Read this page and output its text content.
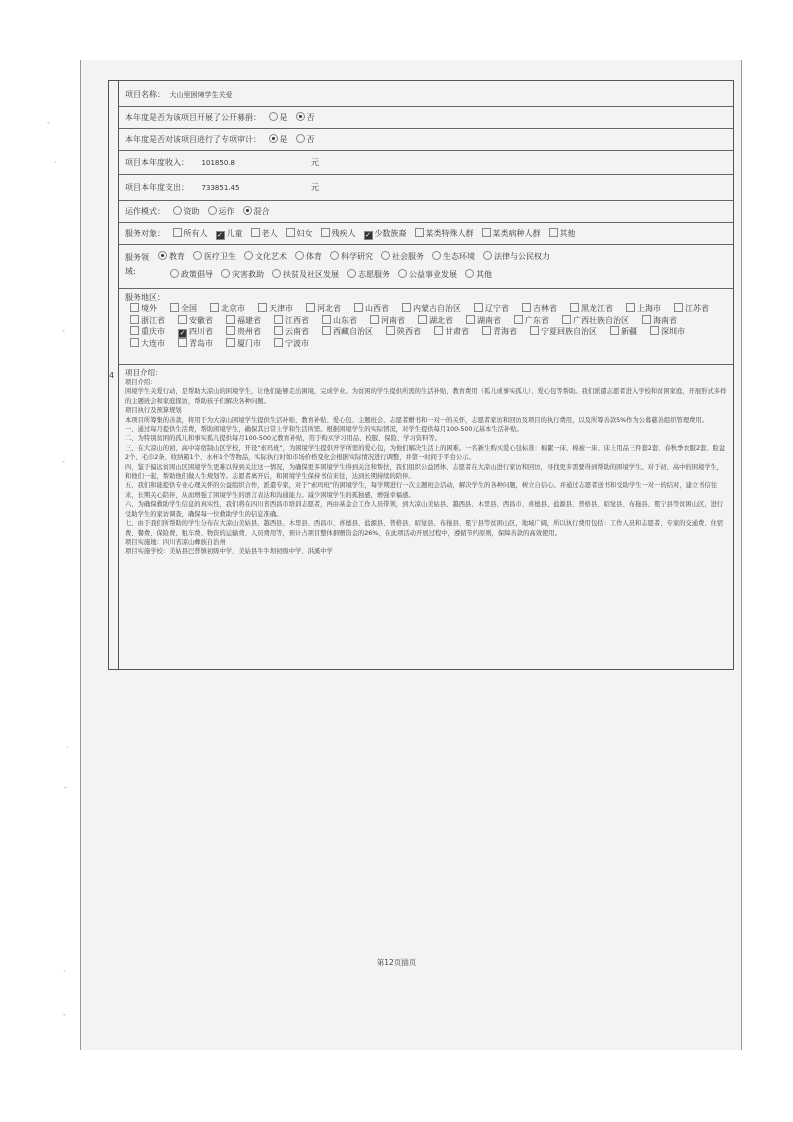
-
·
-
-
·
-
·
-
4
项目名称： 大山里困境学生关爱
本年度是否为该项目开展了公开募捐： 是 否
本年度是否对该项目进行了专项审计： 是 否
项目本年度收入： 101850.8	元
项目本年度支出： 733851.45	元
运作模式： 资助 运作 混合
服务对象： 所有人 ✓ 儿童 老人 妇女 残疾人 ✓ 少数族裔 某类特殊人群 某类病种人群 其他
服务领
域:
教育 医疗卫生 文化艺术 体育 科学研究 社会服务 生态环境 法律与公民权力
政策倡导 灾害救助 扶贫及社区发展 志愿服务 公益事业发展 其他
服务地区：
境外	全国	北京市	天津市	河北省	山西省	内蒙古自治区	辽宁省	吉林省	黑龙江省	上海市	江苏省
浙江省	安徽省	福建省	江西省	山东省	河南省	湖北省	湖南省	广东省	广西壮族自治区	海南省
重庆市	✓ 四川省	贵州省	云南省	西藏自治区	陕西省	甘肃省	青海省	宁夏回族自治区	新疆	深圳市
大连市	青岛市	厦门市	宁波市
项目介绍：

项目介绍：

困境学生关爱行动，是帮助大凉山的困境学生，让他们能够走出困境，完成学业。为贫困的学生提供所需的生活补贴、教育费用（孤儿或事实孤儿）、爱心包等帮助。我们派遣志愿者进入学校和贫困家庭，开展形式多样的主题班会和家庭探访，帮助孩子们解决各种问题。

项目执行及预算规划

本项目所筹集的善款，将用于为大凉山困境学生提供生活补贴、教育补贴、爱心包、主题班会、志愿者赠书和一对一的关怀，志愿者家访和回访及项目的执行费用，以及所筹善款5%作为公募慈善组织管理费用。

一、通过每月提供生活费，帮助困境学生，确保其日常上学和生活所需。根据困境学生的实际情况，对学生提供每月100-500元基本生活补贴。

二、为特别贫困的孤儿和事实孤儿提供每月100-500元教育补贴，用于购买学习用品、校服、保险、学习资料等。

三、在大凉山的初、高中寄宿制山区学校，开设“索玛班”，为困境学生提供开学所需的爱心包，为他们解决生活上的困难。一名新生购买爱心包标准：棉絮一床、棉被一床、床上用品三件套2套、春秋季衣服2套、脸盆2个、毛巾2条、收纳箱1个、水杯1个等物品，实际执行时如市场价格变化会根据实际情况进行调整，并第一时间于平台公示。

四、鉴于偏远贫困山区困境学生更难以得到关注这一情况，为确保更多困境学生得到关注和帮扶，我们组织公益团体、志愿者在大凉山进行家访和回访，寻找更多需要得到帮助的困境学生。对于初、高中的困境学生，和他们一起，帮助他们做人生规划等。志愿者离开后，和困境学生保持书信来往，达到长期持续的陪伴。

五、我们和能提供专业心理关怀的公益组织合作，派遣专家，对于“索玛班”的困境学生，每学期进行一次主题班会活动，解决学生的各种问题，树立自信心。并通过志愿者送书和受助学生一对一的结对，建立书信往来，长期关心陪伴，从而增强了困境学生的语言表达和沟通能力。减少困境学生的孤独感，增强幸福感。

六、为确保救助学生信息的真实性，我们将在四川省西昌市培训志愿者，再由基金会工作人员带领，到大凉山美姑县、越西县、木里县、西昌市、喜德县、盐源县、普格县、昭觉县、布拖县、冕宁县等贫困山区，进行受助学生的家访调查，确保每一位救助学生的信息准确。

七、由于我们所帮助的学生分布在大凉山美姑县、越西县、木里县、西昌市、喜德县、盐源县、普格县、昭觉县、布拖县、冕宁县等贫困山区，地域广阔，所以执行费用包括：工作人员和志愿者、专家的交通费、住宿费、餐费、保险费、租车费、物资的运输费、人员费用等，预计占项目整体捐赠资金的26%，在此项活动开展过程中，遵循节约原则，保障善款的高效使用。

项目实施地：四川省凉山彝族自治州

项目实施学校：美姑县巴普镇初级中学、美姑县牛牛坝初级中学、洪溪中学

第12页插页
